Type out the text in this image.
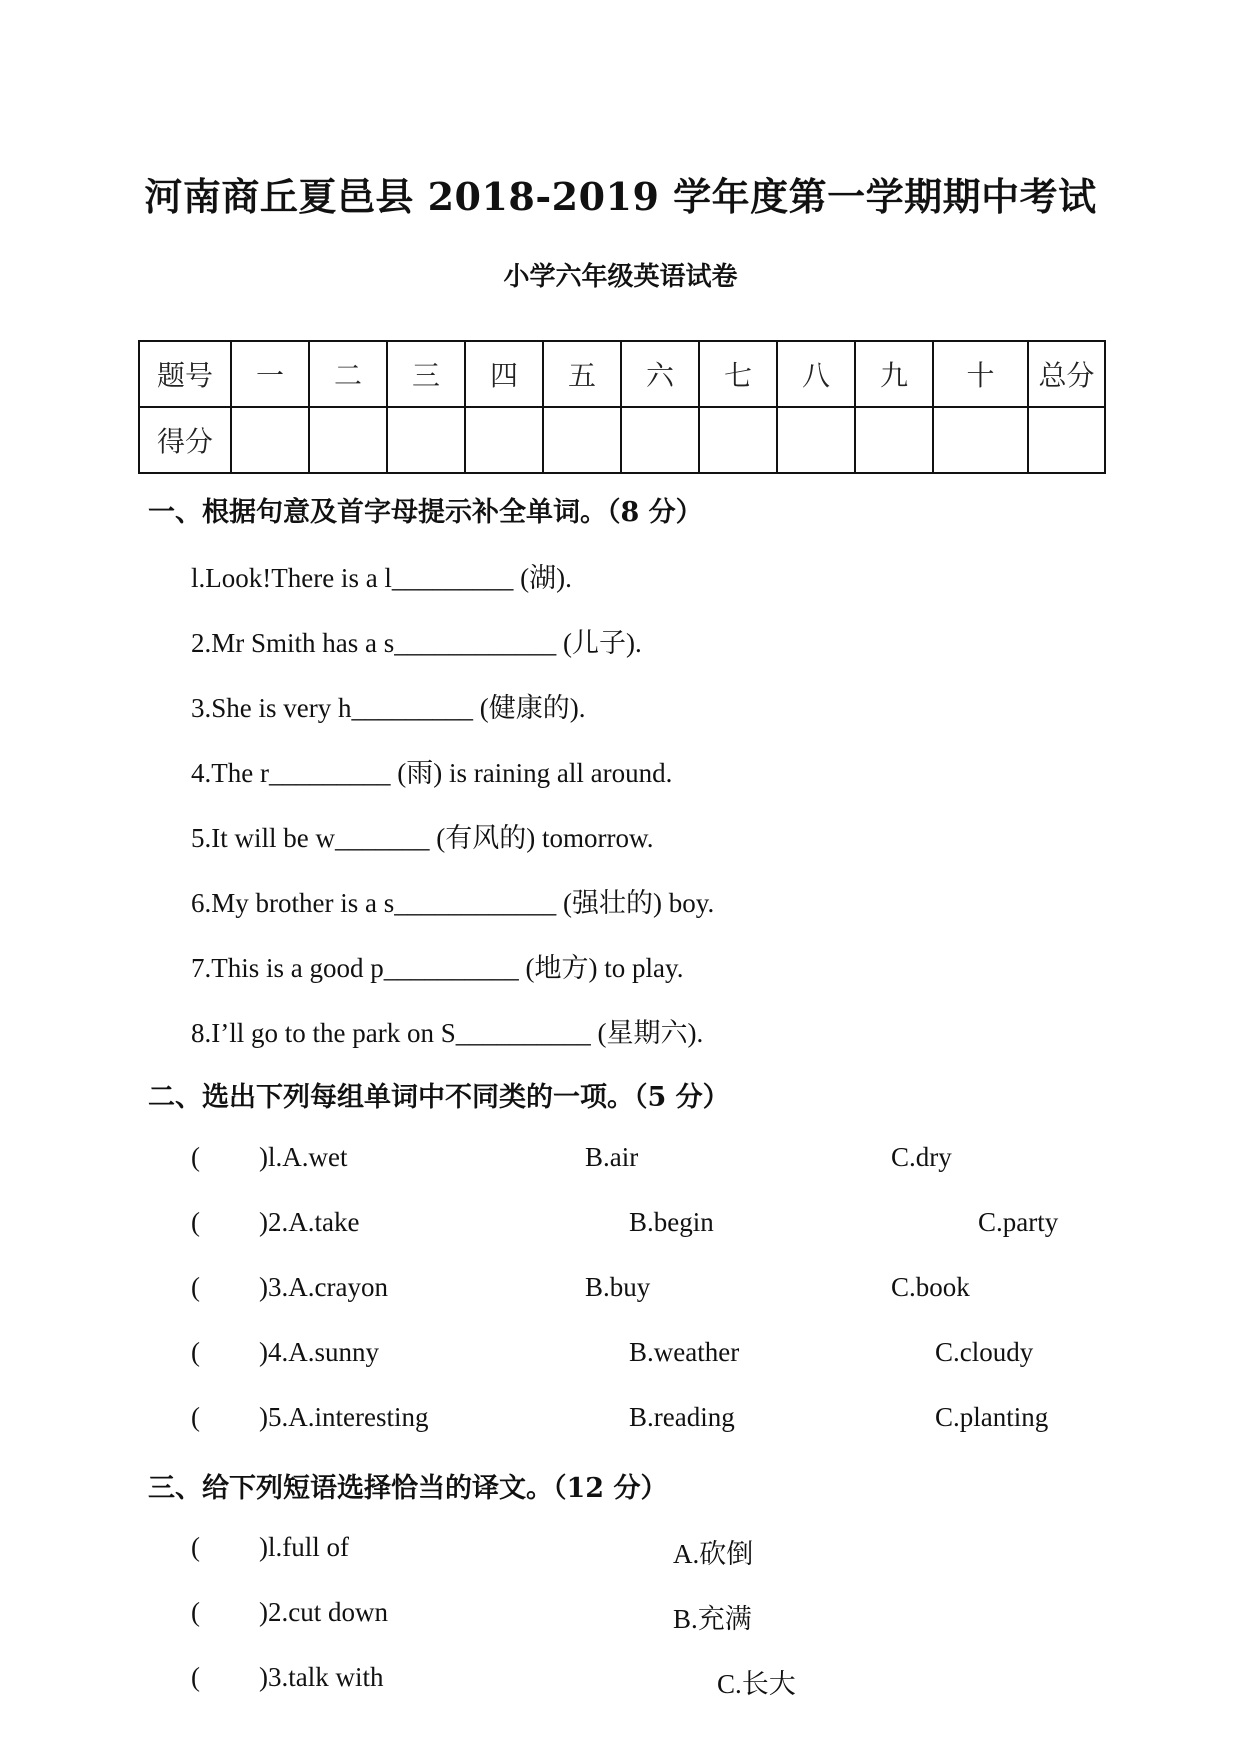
河南商丘夏邑县 2018-2019 学年度第一学期期中考试
小学六年级英语试卷
题号	一	二	三	四	五	六	七	八	九	十	总分
得分											
一、根据句意及首字母提示补全单词。（8 分）
l.Look!There is a l_________ (湖).
2.Mr Smith has a s____________ (儿子).
3.She is very h_________ (健康的).
4.The r_________ (雨) is raining all around.
5.It will be w_______ (有风的) tomorrow.
6.My brother is a s____________ (强壮的) boy.
7.This is a good p__________ (地方) to play.
8.I’ll go to the park on S__________ (星期六).
二、选出下列每组单词中不同类的一项。（5 分）
( )l.A.wet	B.air	C.dry
( )2.A.take	B.begin	C.party
( )3.A.crayon	B.buy	C.book
( )4.A.sunny	B.weather	C.cloudy
( )5.A.interesting	B.reading	C.planting
三、给下列短语选择恰当的译文。（12 分）
( )l.full of	A.砍倒
( )2.cut down	B.充满
( )3.talk with	C.长大
